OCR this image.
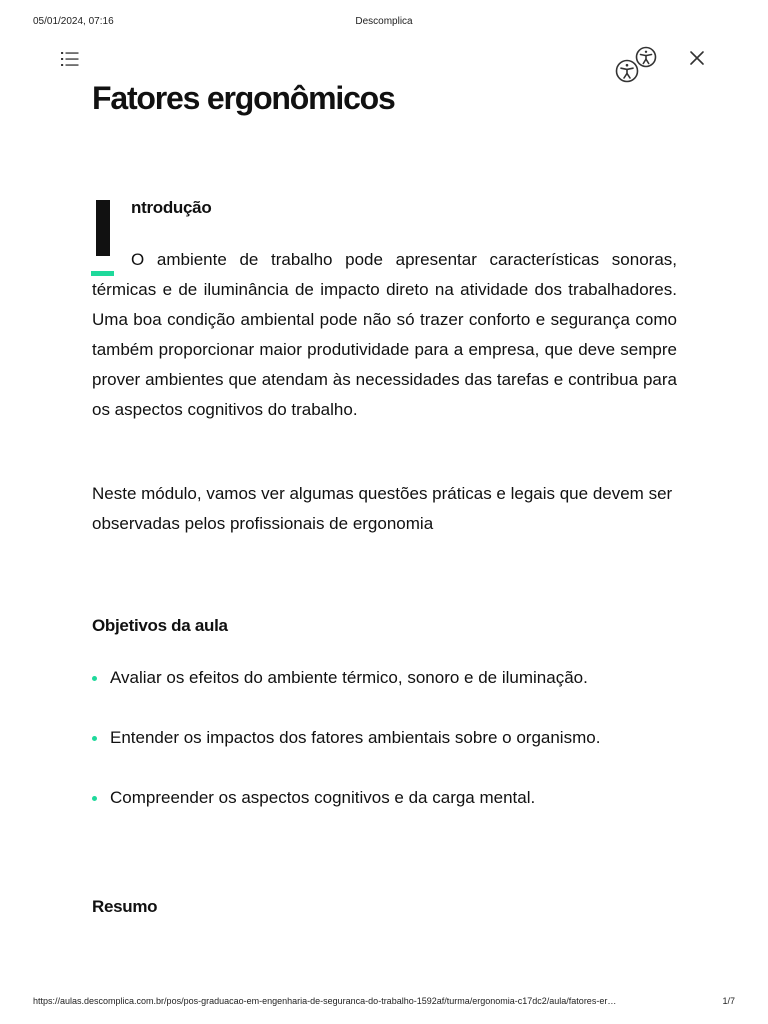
05/01/2024, 07:16	Descomplica
Fatores ergonômicos
ntrodução

O ambiente de trabalho pode apresentar características sonoras, térmicas e de iluminância de impacto direto na atividade dos trabalhadores. Uma boa condição ambiental pode não só trazer conforto e segurança como também proporcionar maior produtividade para a empresa, que deve sempre prover ambientes que atendam às necessidades das tarefas e contribua para os aspectos cognitivos do trabalho.

Neste módulo, vamos ver algumas questões práticas e legais que devem ser observadas pelos profissionais de ergonomia

Objetivos da aula
Avaliar os efeitos do ambiente térmico, sonoro e de iluminação.
Entender os impactos dos fatores ambientais sobre o organismo.
Compreender os aspectos cognitivos e da carga mental.
Resumo
https://aulas.descomplica.com.br/pos/pos-graduacao-em-engenharia-de-seguranca-do-trabalho-1592af/turma/ergonomia-c17dc2/aula/fatores-er…	1/7
